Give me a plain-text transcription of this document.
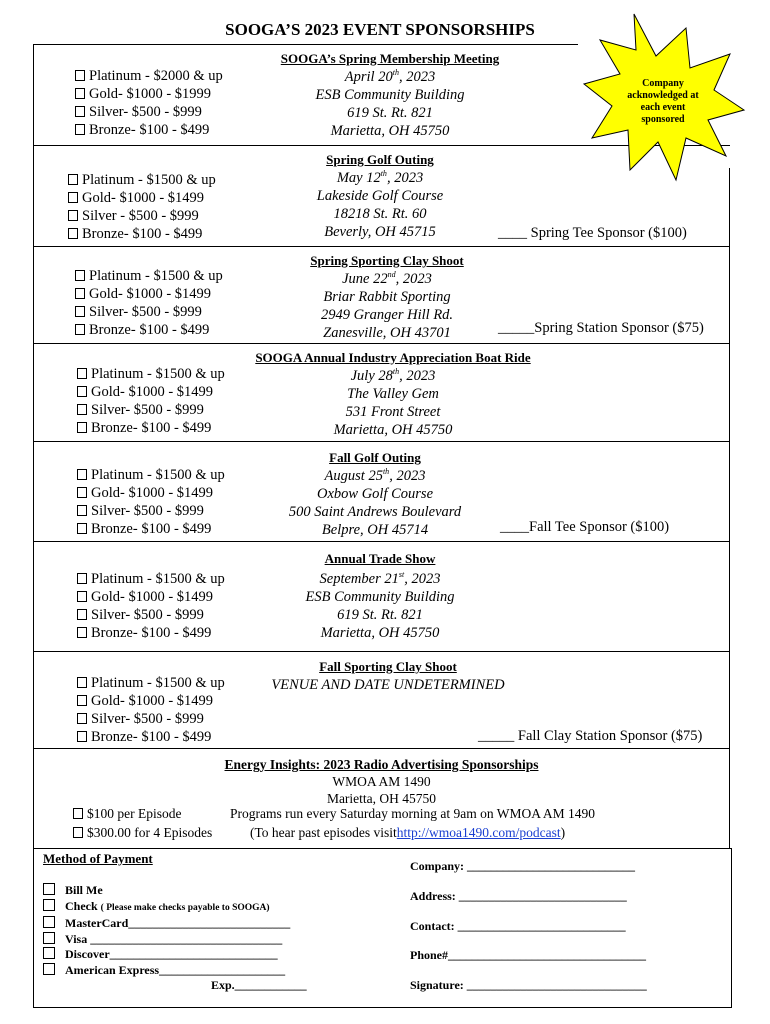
SOOGA’S 2023 EVENT SPONSORSHIPS
Company acknowledged at each event sponsored
Platinum - $2000 & up
Gold- $1000 - $1999
Silver- $500 - $999
Bronze- $100 - $499
SOOGA’s Spring Membership Meeting
April 20th, 2023
ESB Community Building
619 St. Rt. 821
Marietta, OH 45750
Platinum - $1500 & up
Gold- $1000 - $1499
Silver - $500 - $999
Bronze- $100 - $499
Spring Golf Outing
May 12th, 2023
Lakeside Golf Course
18218 St. Rt. 60
Beverly, OH 45715	____ Spring Tee Sponsor ($100)
Platinum - $1500 & up
Gold- $1000 - $1499
Silver- $500 - $999
Bronze- $100 - $499
Spring Sporting Clay Shoot
June 22nd, 2023
Briar Rabbit Sporting
2949 Granger Hill Rd.
Zanesville, OH 43701	_____Spring Station Sponsor ($75)
Platinum - $1500 & up
Gold- $1000 - $1499
Silver- $500 - $999
Bronze- $100 - $499
SOOGA Annual Industry Appreciation Boat Ride
July 28th, 2023
The Valley Gem
531 Front Street
Marietta, OH 45750
Platinum - $1500 & up
Gold- $1000 - $1499
Silver- $500 - $999
Bronze- $100 - $499
Fall Golf Outing
August 25th, 2023
Oxbow Golf Course
500 Saint Andrews Boulevard
Belpre, OH 45714	____Fall Tee Sponsor ($100)
Platinum - $1500 & up
Gold- $1000 - $1499
Silver- $500 - $999
Bronze- $100 - $499
Annual Trade Show
September 21st, 2023
ESB Community Building
619 St. Rt. 821
Marietta, OH 45750
Platinum - $1500 & up
Gold- $1000 - $1499
Silver- $500 - $999
Bronze- $100 - $499
Fall Sporting Clay Shoot
VENUE AND DATE UNDETERMINED
_____ Fall Clay Station Sponsor ($75)
Energy Insights: 2023 Radio Advertising Sponsorships
WMOA AM 1490
Marietta, OH 45750
Programs run every Saturday morning at 9am on WMOA AM 1490
(To hear past episodes visithttp://wmoa1490.com/podcast)
$100 per Episode
$300.00 for 4 Episodes
Method of Payment
Bill Me
Check ( Please make checks payable to SOOGA)
MasterCard___________________________
Visa ________________________________
Discover____________________________
American Express_____________________
Exp.____________
Company: ____________________________
Address: ____________________________
Contact: ____________________________
Phone#_________________________________
Signature: ______________________________
